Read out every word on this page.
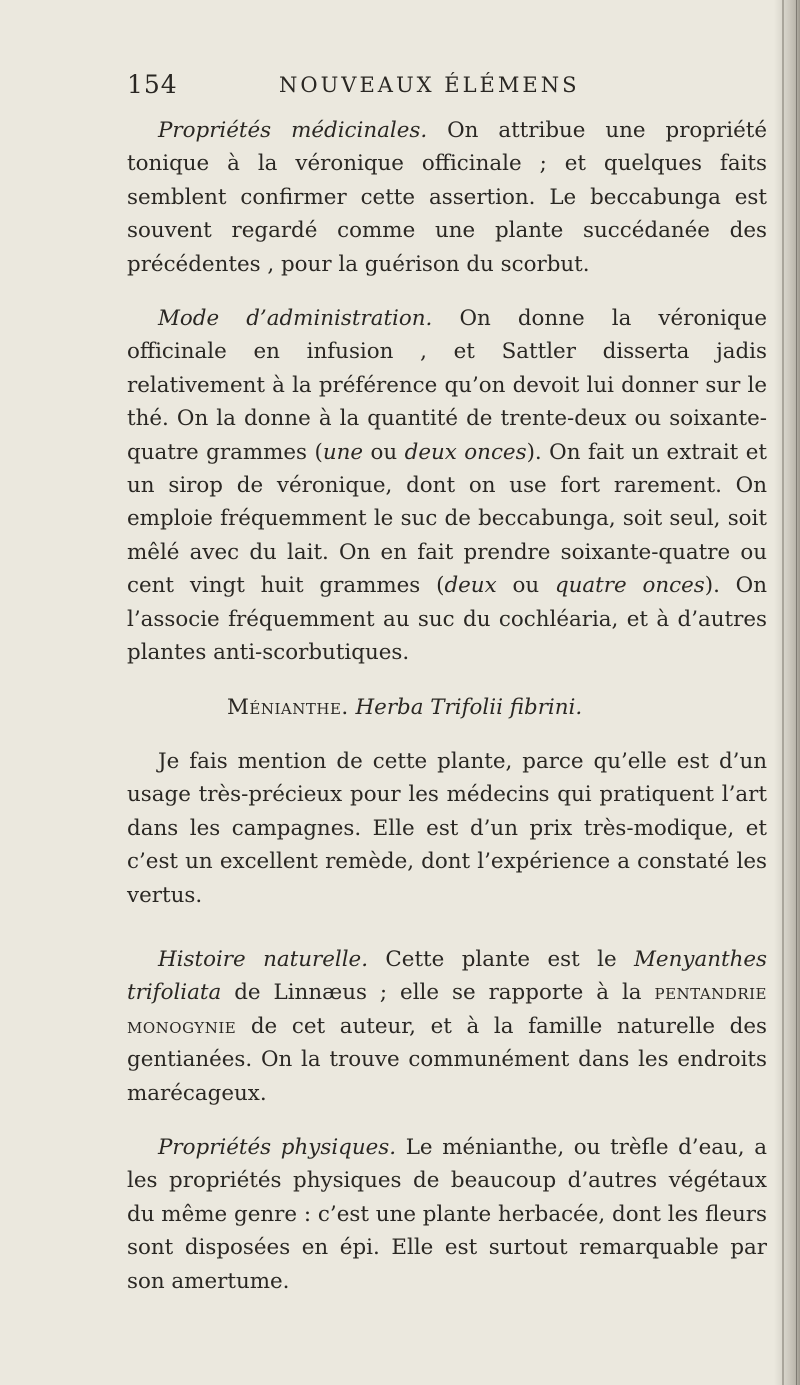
154	NOUVEAUX ÉLÉMENS

Propriétés médicinales. On attribue une propriété tonique à la véronique officinale ; et quelques faits semblent confirmer cette assertion. Le beccabunga est souvent regardé comme une plante succédanée des précédentes , pour la guérison du scorbut.

Mode d’administration. On donne la véronique officinale en infusion , et Sattler disserta jadis relativement à la préférence qu’on devoit lui donner sur le thé. On la donne à la quantité de trente-deux ou soixante-quatre grammes (une ou deux onces). On fait un extrait et un sirop de véronique, dont on use fort rarement. On emploie fréquemment le suc de beccabunga, soit seul, soit mêlé avec du lait. On en fait prendre soixante-quatre ou cent vingt huit grammes (deux ou quatre onces). On l’associe fréquemment au suc du cochléaria, et à d’autres plantes anti-scorbutiques.

Ménianthe. Herba Trifolii fibrini.

Je fais mention de cette plante, parce qu’elle est d’un usage très-précieux pour les médecins qui pratiquent l’art dans les campagnes. Elle est d’un prix très-modique, et c’est un excellent remède, dont l’expérience a constaté les vertus.

Histoire naturelle. Cette plante est le Menyanthes trifoliata de Linnæus ; elle se rapporte à la pentandrie monogynie de cet auteur, et à la famille naturelle des gentianées. On la trouve communément dans les endroits marécageux.

Propriétés physiques. Le ménianthe, ou trèfle d’eau, a les propriétés physiques de beaucoup d’autres végétaux du même genre : c’est une plante herbacée, dont les fleurs sont disposées en épi. Elle est surtout remarquable par son amertume.
